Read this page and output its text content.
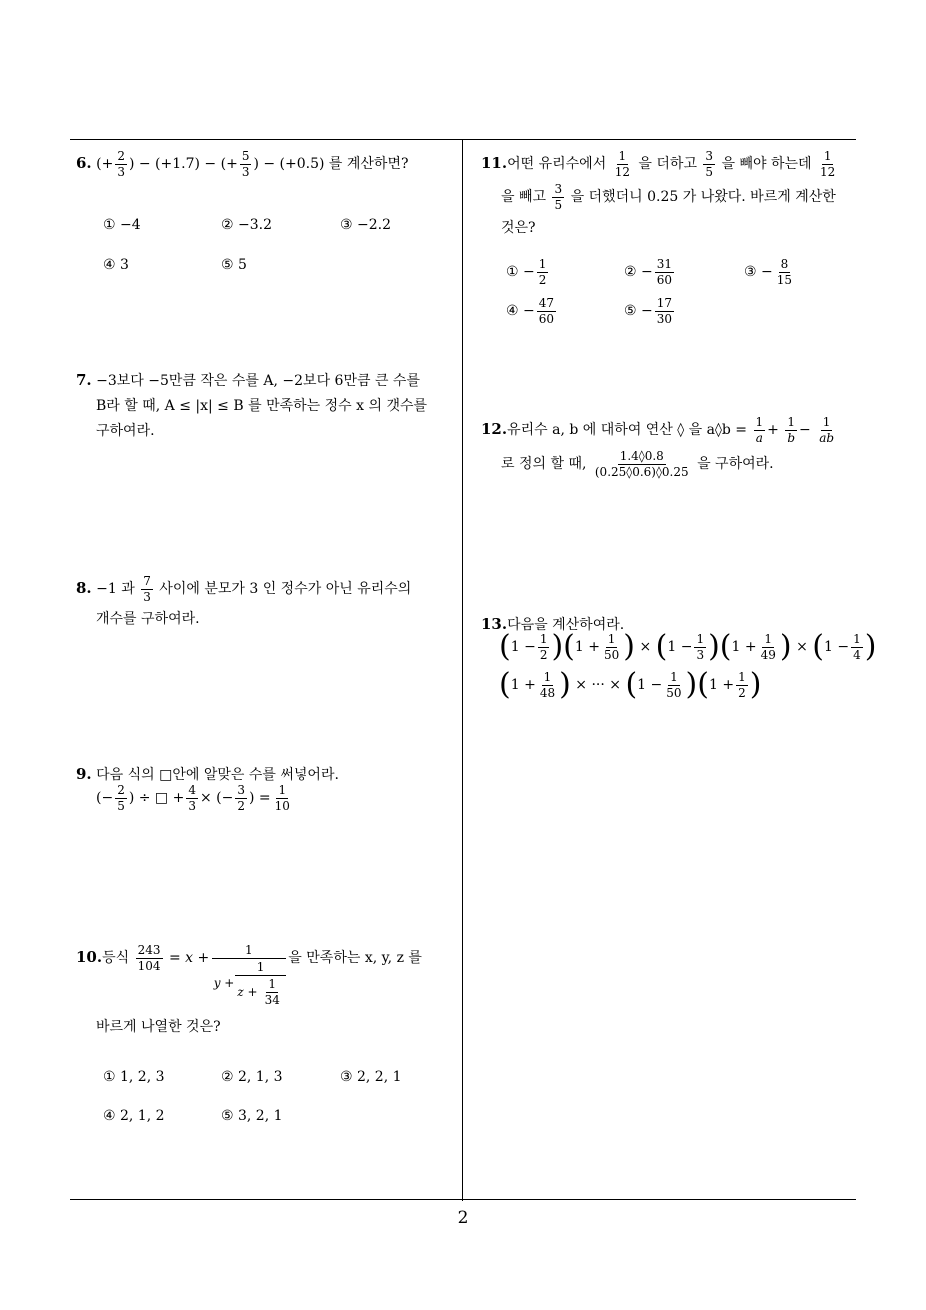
6. (+ $\frac{2}{3}$ ) − (+1.7) − (+ $\frac{5}{3}$ ) − (+0.5) 를 계산하면?
① −4	② −3.2	③ −2.2
④ 3	⑤ 5
7. −3보다 −5만큼 작은 수를 A, −2보다 6만큼 큰 수를
B라 할 때, A ≤ |x| ≤ B 를 만족하는 정수 x 의 갯수를
구하여라.
8. −1 과 $\frac{7}{3}$ 사이에 분모가 3 인 정수가 아닌 유리수의
개수를 구하여라.
9. 다음 식의 □안에 알맞은 수를 써넣어라.
(− $\frac{2}{5}$ ) ÷ □ + $\frac{4}{3}$ × (− $\frac{3}{2}$ ) = $\frac{1}{10}$
10.등식 $\frac{243}{104} = x + \frac{1}{y + \frac{1}{z + \frac{1}{34}}}$ 을 만족하는 x, y, z 를
바르게 나열한 것은?
① 1, 2, 3	② 2, 1, 3	③ 2, 2, 1
④ 2, 1, 2	⑤ 3, 2, 1
11.어떤 유리수에서 $\frac{1}{12}$ 을 더하고 $\frac{3}{5}$ 을 빼야 하는데 $\frac{1}{12}$
을 빼고 $\frac{3}{5}$ 을 더했더니 0.25 가 나왔다. 바르게 계산한
것은?
① − $\frac{1}{2}$	② − $\frac{31}{60}$	③ − $\frac{8}{15}$
④ − $\frac{47}{60}$	⑤ − $\frac{17}{30}$
12.유리수 a, b 에 대하여 연산 ◊ 을 a◊b = $\frac{1}{a} + \frac{1}{b} - \frac{1}{ab}$
로 정의 할 때, $\frac{1.4◊0.8}{(0.25◊0.6)◊0.25}$ 을 구하여라.
13.다음을 계산하여라.
$(1 - \frac{1}{2} )(1 + \frac{1}{50}$ ) × $(1 - \frac{1}{3} )(1 + \frac{1}{49}$ ) × ($1 - \frac{1}{4}$ )
($1 + \frac{1}{48}$ ) × ··· × $(1 - \frac{1}{50} )(1 + \frac{1}{2}$ )
2
